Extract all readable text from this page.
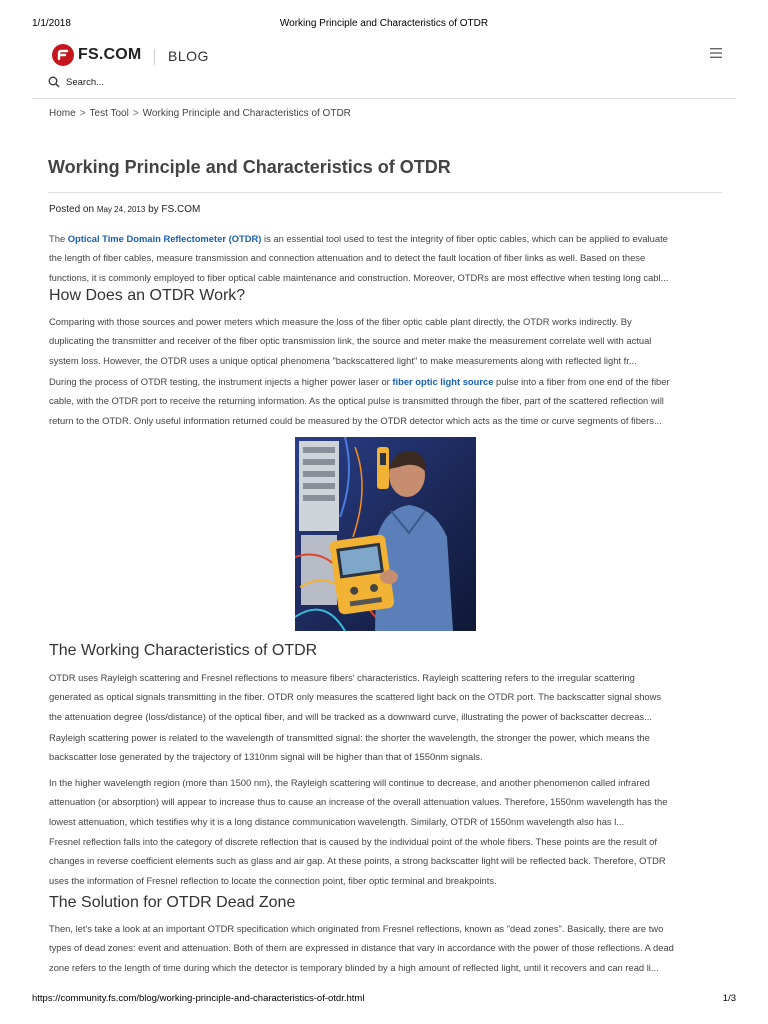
1/1/2018	Working Principle and Characteristics of OTDR
FS.COM BLOG
Search...
Home > Test Tool > Working Principle and Characteristics of OTDR
Working Principle and Characteristics of OTDR
Posted on May 24, 2013 by FS.COM

The Optical Time Domain Reflectometer (OTDR) is an essential tool used to test the integrity of fiber optic cables, which can be applied to evaluate
the length of fiber cables, measure transmission and connection attenuation and to detect the fault location of fiber links as well. Based on these
functions, it is commonly employed to fiber optical cable maintenance and construction. Moreover, OTDRs are most effective when testing long cabl...

How Does an OTDR Work?

Comparing with those sources and power meters which measure the loss of the fiber optic cable plant directly, the OTDR works indirectly. By
duplicating the transmitter and receiver of the fiber optic transmission link, the source and meter make the measurement correlate well with actual
system loss. However, the OTDR uses a unique optical phenomena "backscattered light" to make measurements along with reflected light fr...

During the process of OTDR testing, the instrument injects a higher power laser or fiber optic light source pulse into a fiber from one end of the fiber
cable, with the OTDR port to receive the returning information. As the optical pulse is transmitted through the fiber, part of the scattered reflection will
return to the OTDR. Only useful information returned could be measured by the OTDR detector which acts as the time or curve segments of fibers...

The Working Characteristics of OTDR

OTDR uses Rayleigh scattering and Fresnel reflections to measure fibers' characteristics. Rayleigh scattering refers to the irregular scattering
generated as optical signals transmitting in the fiber. OTDR only measures the scattered light back on the OTDR port. The backscatter signal shows
the attenuation degree (loss/distance) of the optical fiber, and will be tracked as a downward curve, illustrating the power of backscatter decreas...

Rayleigh scattering power is related to the wavelength of transmitted signal: the shorter the wavelength, the stronger the power, which means the
backscatter lose generated by the trajectory of 1310nm signal will be higher than that of 1550nm signals.

In the higher wavelength region (more than 1500 nm), the Rayleigh scattering will continue to decrease, and another phenomenon called infrared
attenuation (or absorption) will appear to increase thus to cause an increase of the overall attenuation values. Therefore, 1550nm wavelength has the
lowest attenuation, which testifies why it is a long distance communication wavelength. Similarly, OTDR of 1550nm wavelength also has l...

Fresnel reflection falls into the category of discrete reflection that is caused by the individual point of the whole fibers. These points are the result of
changes in reverse coefficient elements such as glass and air gap. At these points, a strong backscatter light will be reflected back. Therefore, OTDR
uses the information of Fresnel reflection to locate the connection point, fiber optic terminal and breakpoints.

The Solution for OTDR Dead Zone

Then, let's take a look at an important OTDR specification which originated from Fresnel reflections, known as "dead zones". Basically, there are two
types of dead zones: event and attenuation. Both of them are expressed in distance that vary in accordance with the power of those reflections. A dead
zone refers to the length of time during which the detector is temporary blinded by a high amount of reflected light, until it recovers and can read li...

https://community.fs.com/blog/working-principle-and-characteristics-of-otdr.html	1/3
